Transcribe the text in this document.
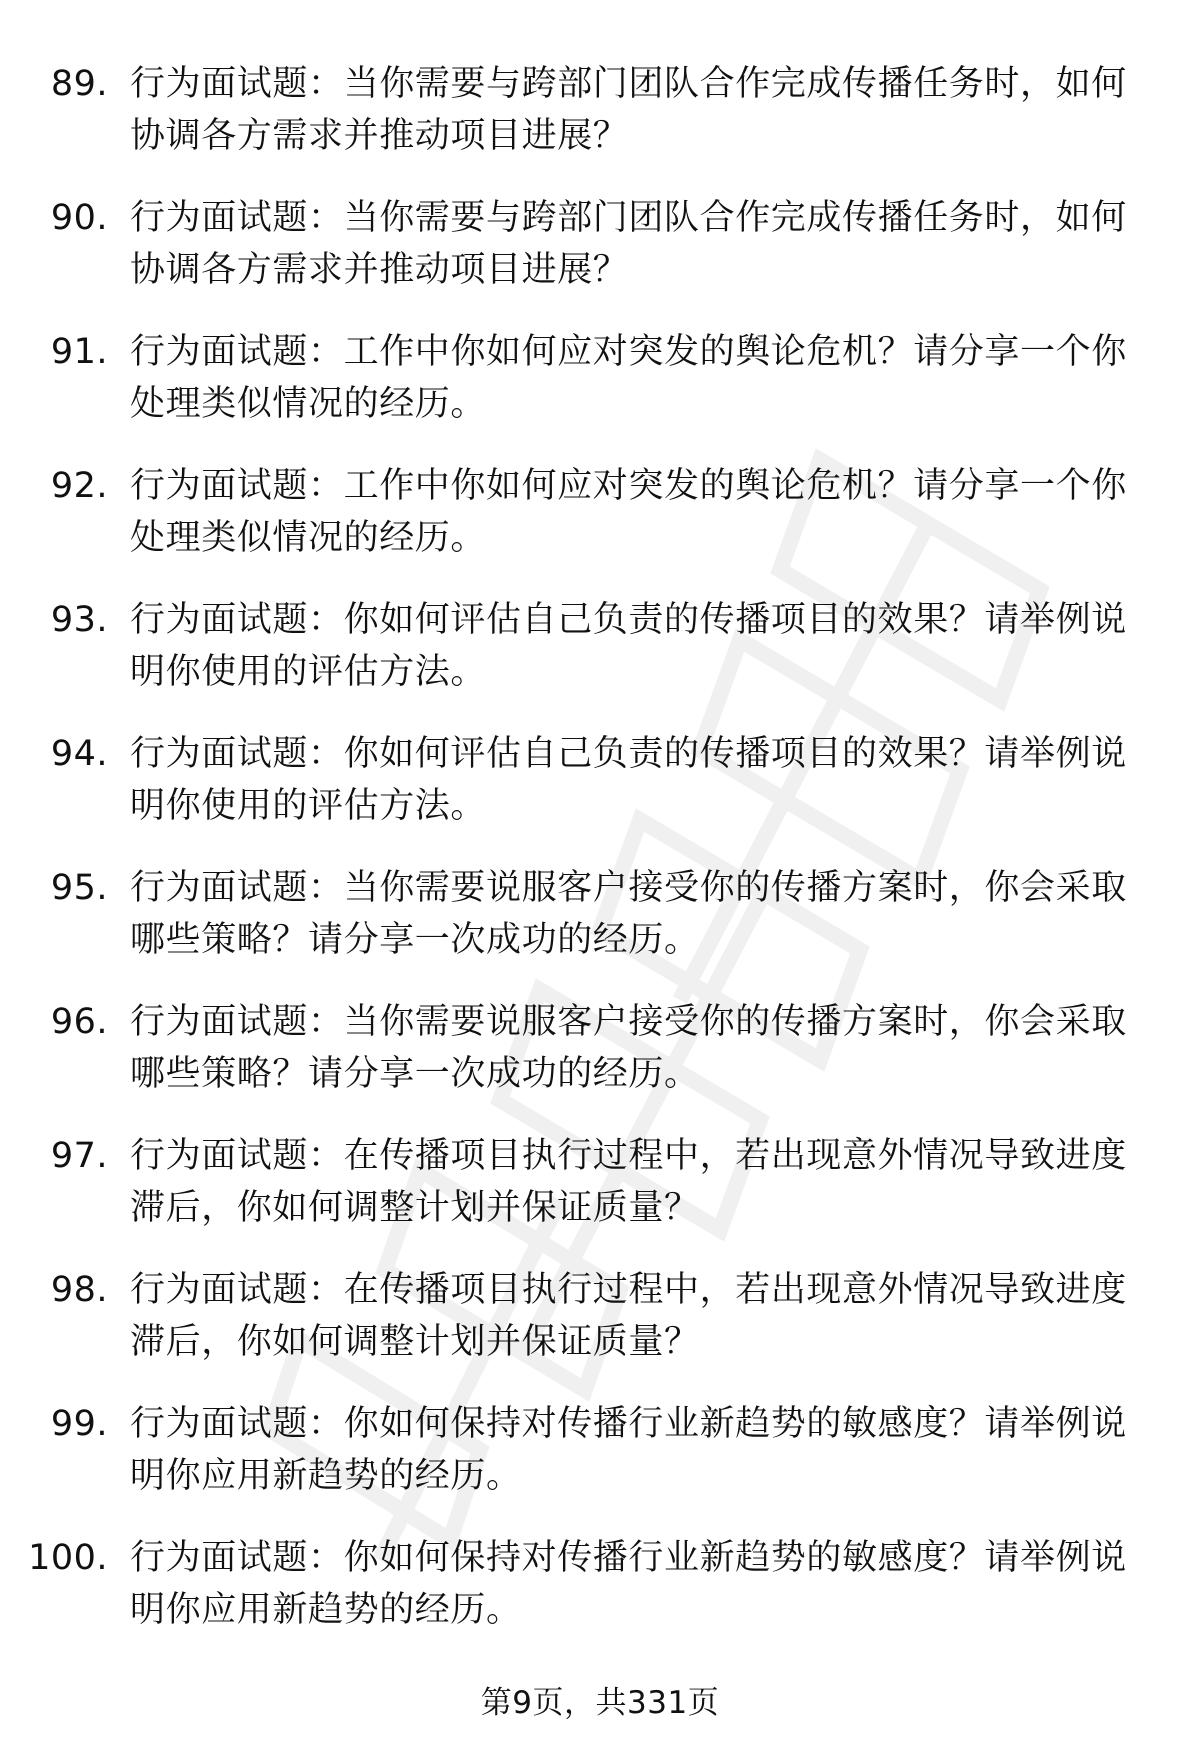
89. 行为面试题：当你需要与跨部门团队合作完成传播任务时，如何
协调各方需求并推动项目进展？
90. 行为面试题：当你需要与跨部门团队合作完成传播任务时，如何
协调各方需求并推动项目进展？
91. 行为面试题：工作中你如何应对突发的舆论危机？请分享一个你
处理类似情况的经历。
92. 行为面试题：工作中你如何应对突发的舆论危机？请分享一个你
处理类似情况的经历。
93. 行为面试题：你如何评估自己负责的传播项目的效果？请举例说
明你使用的评估方法。
94. 行为面试题：你如何评估自己负责的传播项目的效果？请举例说
明你使用的评估方法。
95. 行为面试题：当你需要说服客户接受你的传播方案时，你会采取
哪些策略？请分享一次成功的经历。
96. 行为面试题：当你需要说服客户接受你的传播方案时，你会采取
哪些策略？请分享一次成功的经历。
97. 行为面试题：在传播项目执行过程中，若出现意外情况导致进度
滞后，你如何调整计划并保证质量？
98. 行为面试题：在传播项目执行过程中，若出现意外情况导致进度
滞后，你如何调整计划并保证质量？
99. 行为面试题：你如何保持对传播行业新趋势的敏感度？请举例说
明你应用新趋势的经历。
100. 行为面试题：你如何保持对传播行业新趋势的敏感度？请举例说
明你应用新趋势的经历。
第9页，共331页
